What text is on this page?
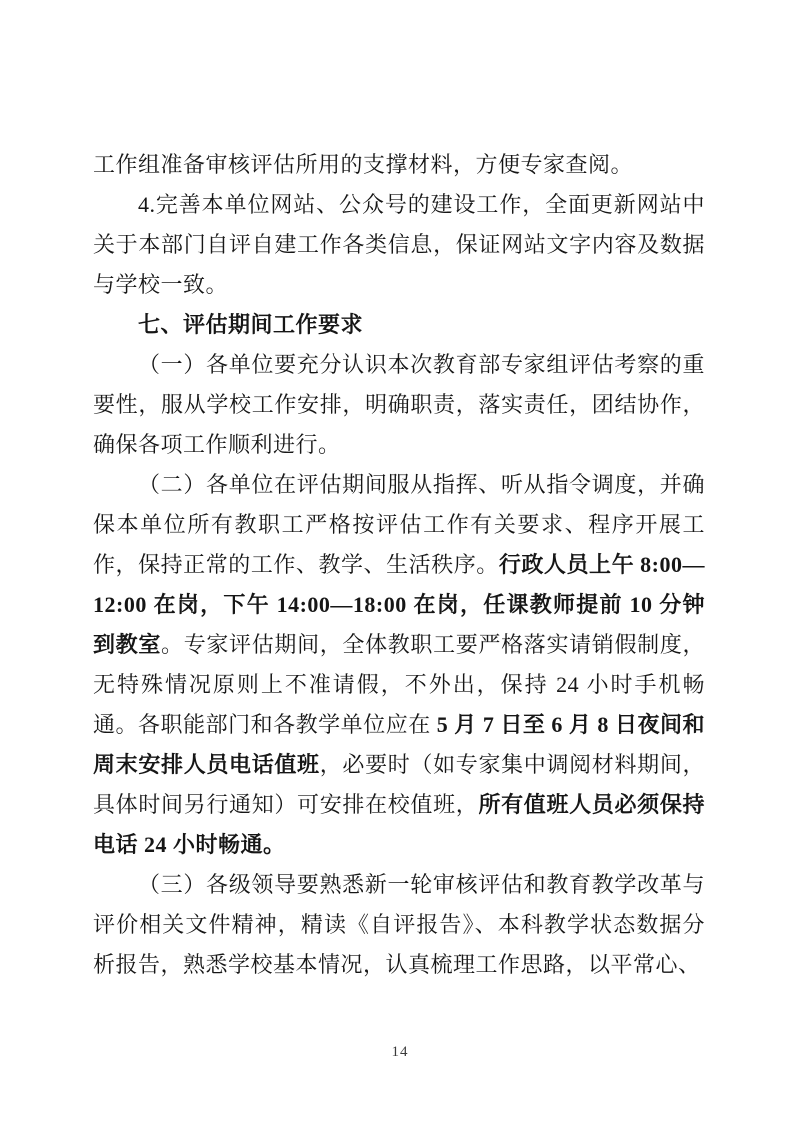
工作组准备审核评估所用的支撑材料，方便专家查阅。

4.完善本单位网站、公众号的建设工作，全面更新网站中关于本部门自评自建工作各类信息，保证网站文字内容及数据与学校一致。

七、评估期间工作要求

（一）各单位要充分认识本次教育部专家组评估考察的重要性，服从学校工作安排，明确职责，落实责任，团结协作，确保各项工作顺利进行。

（二）各单位在评估期间服从指挥、听从指令调度，并确保本单位所有教职工严格按评估工作有关要求、程序开展工作，保持正常的工作、教学、生活秩序。行政人员上午 8:00—12:00 在岗，下午 14:00—18:00 在岗，任课教师提前 10 分钟到教室。专家评估期间，全体教职工要严格落实请销假制度，无特殊情况原则上不准请假，不外出，保持 24 小时手机畅通。各职能部门和各教学单位应在 5 月 7 日至 6 月 8 日夜间和周末安排人员电话值班，必要时（如专家集中调阅材料期间，具体时间另行通知）可安排在校值班，所有值班人员必须保持电话 24 小时畅通。

（三）各级领导要熟悉新一轮审核评估和教育教学改革与评价相关文件精神，精读《自评报告》、本科教学状态数据分析报告，熟悉学校基本情况，认真梳理工作思路，以平常心、

14
